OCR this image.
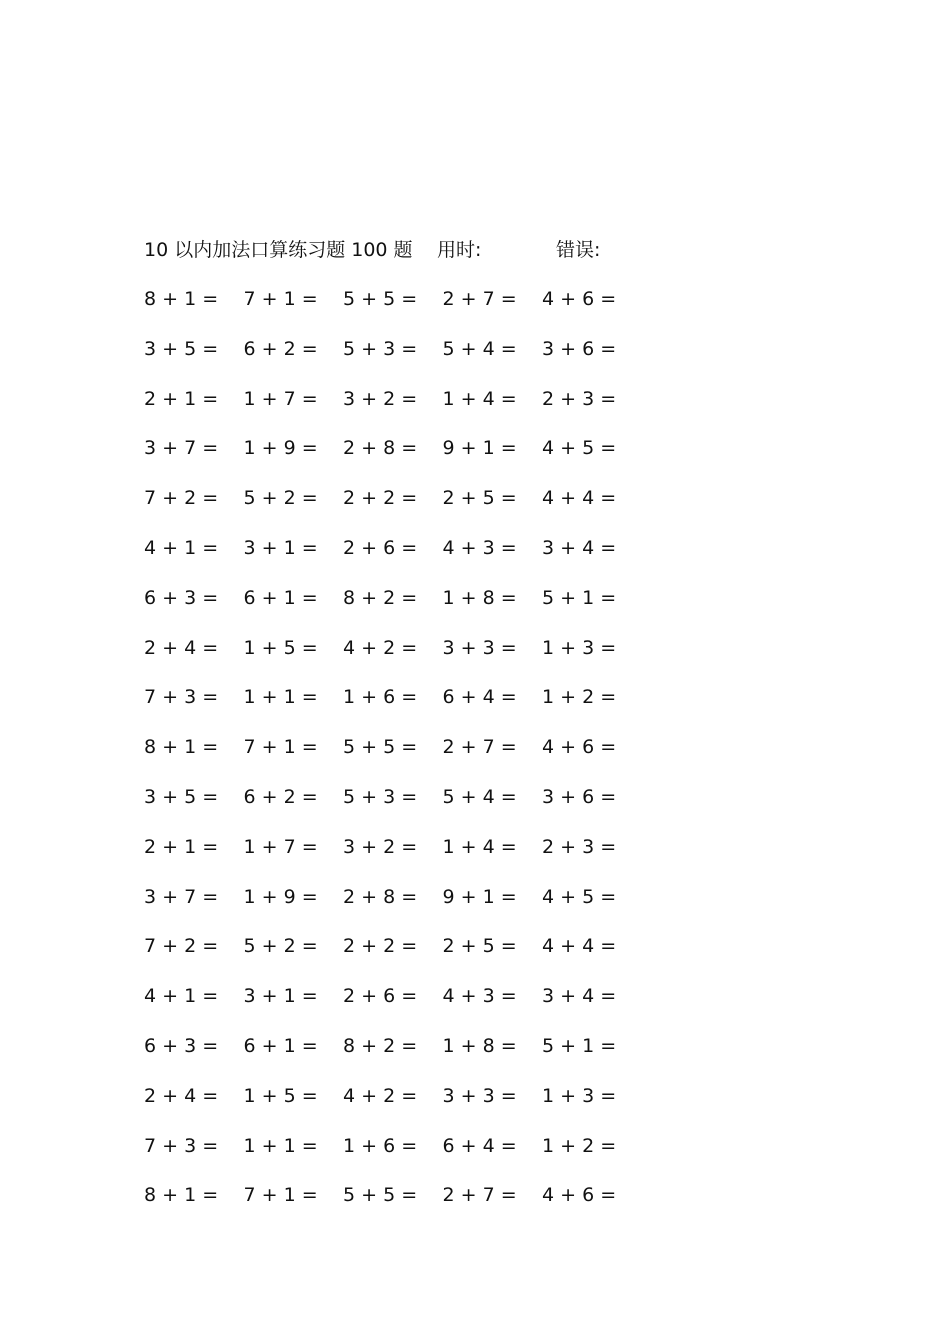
10 以内加法口算练习题 100 题 用时:	错误:
8 + 1 = 7 + 1 = 5 + 5 = 2 + 7 = 4 + 6 =
3 + 5 = 6 + 2 = 5 + 3 = 5 + 4 = 3 + 6 =
2 + 1 = 1 + 7 = 3 + 2 = 1 + 4 = 2 + 3 =
3 + 7 = 1 + 9 = 2 + 8 = 9 + 1 = 4 + 5 =
7 + 2 = 5 + 2 = 2 + 2 = 2 + 5 = 4 + 4 =
4 + 1 = 3 + 1 = 2 + 6 = 4 + 3 = 3 + 4 =
6 + 3 = 6 + 1 = 8 + 2 = 1 + 8 = 5 + 1 =
2 + 4 = 1 + 5 = 4 + 2 = 3 + 3 = 1 + 3 =
7 + 3 = 1 + 1 = 1 + 6 = 6 + 4 = 1 + 2 =
8 + 1 = 7 + 1 = 5 + 5 = 2 + 7 = 4 + 6 =
3 + 5 = 6 + 2 = 5 + 3 = 5 + 4 = 3 + 6 =
2 + 1 = 1 + 7 = 3 + 2 = 1 + 4 = 2 + 3 =
3 + 7 = 1 + 9 = 2 + 8 = 9 + 1 = 4 + 5 =
7 + 2 = 5 + 2 = 2 + 2 = 2 + 5 = 4 + 4 =
4 + 1 = 3 + 1 = 2 + 6 = 4 + 3 = 3 + 4 =
6 + 3 = 6 + 1 = 8 + 2 = 1 + 8 = 5 + 1 =
2 + 4 = 1 + 5 = 4 + 2 = 3 + 3 = 1 + 3 =
7 + 3 = 1 + 1 = 1 + 6 = 6 + 4 = 1 + 2 =
8 + 1 = 7 + 1 = 5 + 5 = 2 + 7 = 4 + 6 =
